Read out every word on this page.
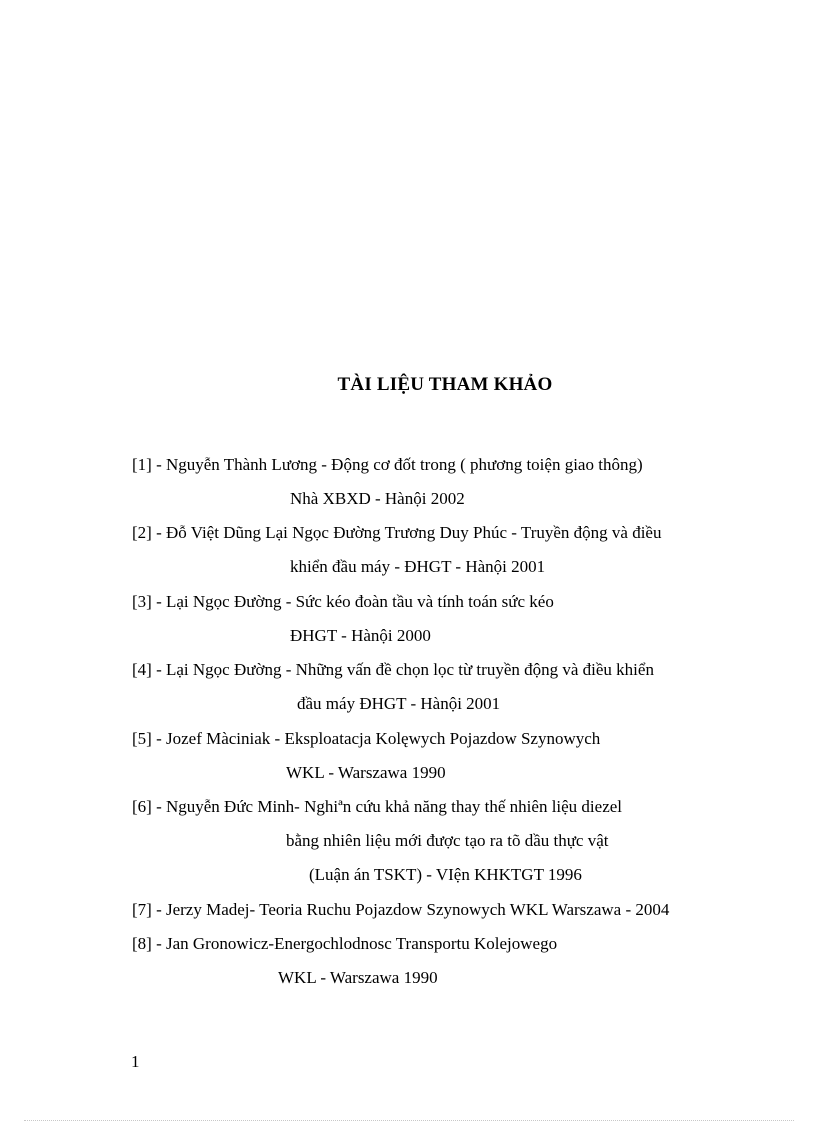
TÀI LIỆU THAM KHẢO
[1] - Nguyễn Thành Lương - Động cơ đốt trong ( phương toiện giao thông)
Nhà XBXD - Hànội 2002
[2] - Đỗ Việt Dũng Lại Ngọc Đường Trương Duy Phúc - Truyền động và điều
khiển đầu máy - ĐHGT - Hànội 2001
[3] - Lại Ngọc Đường - Sức kéo đoàn tầu và tính toán sức kéo
ĐHGT - Hànội 2000
[4] - Lại Ngọc Đường - Những vấn đề chọn lọc từ truyền động và điều khiển
đầu máy ĐHGT - Hànội 2001
[5] - Jozef Màciniak - Eksploatacja Kolęwych Pojazdow Szynowych
WKL - Warszawa 1990
[6] - Nguyễn Đức Minh- Nghiªn cứu khả năng thay thế nhiên liệu diezel
bằng nhiên liệu mới được tạo ra tõ dầu thực vật
(Luận án TSKT) - VIện KHKTGT 1996
[7] - Jerzy Madej- Teoria Ruchu Pojazdow Szynowych WKL Warszawa - 2004
[8] - Jan Gronowicz-Energochlodnosc Transportu Kolejowego
WKL - Warszawa 1990
1
